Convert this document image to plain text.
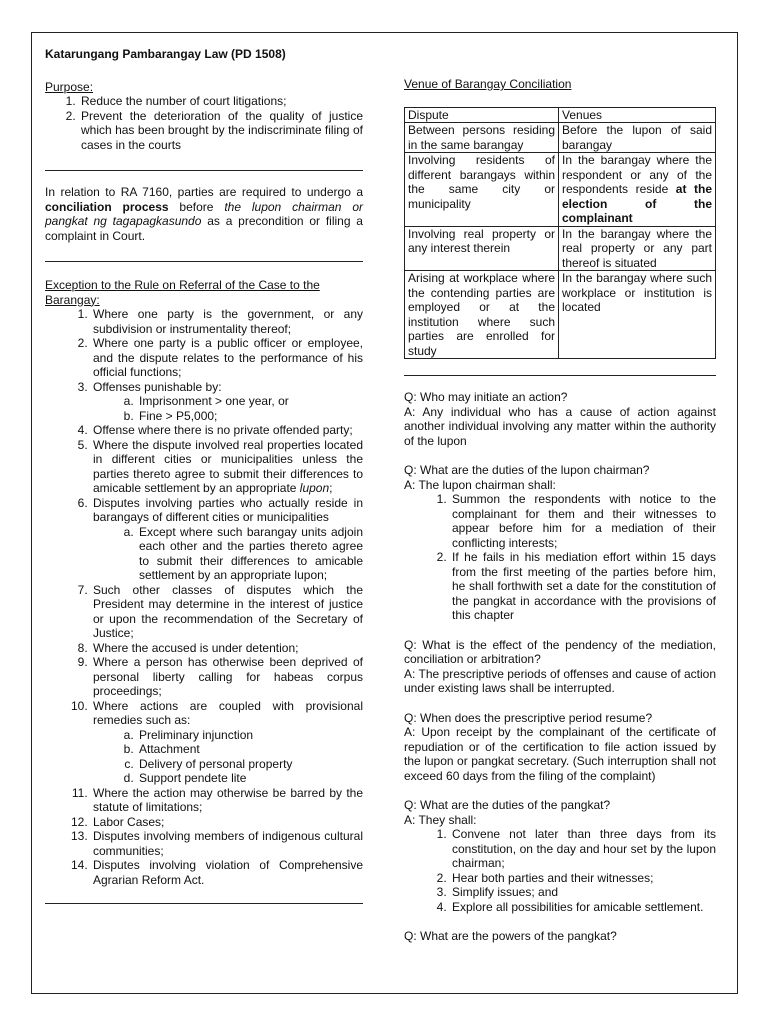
Katarungang Pambarangay Law (PD 1508)
Purpose:
1. Reduce the number of court litigations;
2. Prevent the deterioration of the quality of justice which has been brought by the indiscriminate filing of cases in the courts

In relation to RA 7160, parties are required to undergo a conciliation process before the lupon chairman or pangkat ng tagapagkasundo as a precondition or filing a complaint in Court.

Exception to the Rule on Referral of the Case to the Barangay:
1. Where one party is the government, or any subdivision or instrumentality thereof;
2. Where one party is a public officer or employee, and the dispute relates to the performance of his official functions;
3. Offenses punishable by:
a. Imprisonment > one year, or
b. Fine > P5,000;
4. Offense where there is no private offended party;
5. Where the dispute involved real properties located in different cities or municipalities unless the parties thereto agree to submit their differences to amicable settlement by an appropriate lupon;
6. Disputes involving parties who actually reside in barangays of different cities or municipalities
a. Except where such barangay units adjoin each other and the parties thereto agree to submit their differences to amicable settlement by an appropriate lupon;
7. Such other classes of disputes which the President may determine in the interest of justice or upon the recommendation of the Secretary of Justice;
8. Where the accused is under detention;
9. Where a person has otherwise been deprived of personal liberty calling for habeas corpus proceedings;
10. Where actions are coupled with provisional remedies such as:
a. Preliminary injunction
b. Attachment
c. Delivery of personal property
d. Support pendete lite
11. Where the action may otherwise be barred by the statute of limitations;
12. Labor Cases;
13. Disputes involving members of indigenous cultural communities;
14. Disputes involving violation of Comprehensive Agrarian Reform Act.
Venue of Barangay Conciliation
Dispute	Venues
Between persons residing in the same barangay	Before the lupon of said barangay
Involving residents of different barangays within the same city or municipality	In the barangay where the respondent or any of the respondents reside at the election of the complainant
Involving real property or any interest therein	In the barangay where the real property or any part thereof is situated
Arising at workplace where the contending parties are employed or at the institution where such parties are enrolled for study	In the barangay where such workplace or institution is located

Q: Who may initiate an action?

A: Any individual who has a cause of action against another individual involving any matter within the authority of the lupon

Q: What are the duties of the lupon chairman?

A: The lupon chairman shall:

1. Summon the respondents with notice to the complainant for them and their witnesses to appear before him for a mediation of their conflicting interests;
2. If he fails in his mediation effort within 15 days from the first meeting of the parties before him, he shall forthwith set a date for the constitution of the pangkat in accordance with the provisions of this chapter

Q: What is the effect of the pendency of the mediation, conciliation or arbitration?

A: The prescriptive periods of offenses and cause of action under existing laws shall be interrupted.

Q: When does the prescriptive period resume?

A: Upon receipt by the complainant of the certificate of repudiation or of the certification to file action issued by the lupon or pangkat secretary. (Such interruption shall not exceed 60 days from the filing of the complaint)

Q: What are the duties of the pangkat?

A: They shall:

1. Convene not later than three days from its constitution, on the day and hour set by the lupon chairman;
2. Hear both parties and their witnesses;
3. Simplify issues; and
4. Explore all possibilities for amicable settlement.

Q: What are the powers of the pangkat?
